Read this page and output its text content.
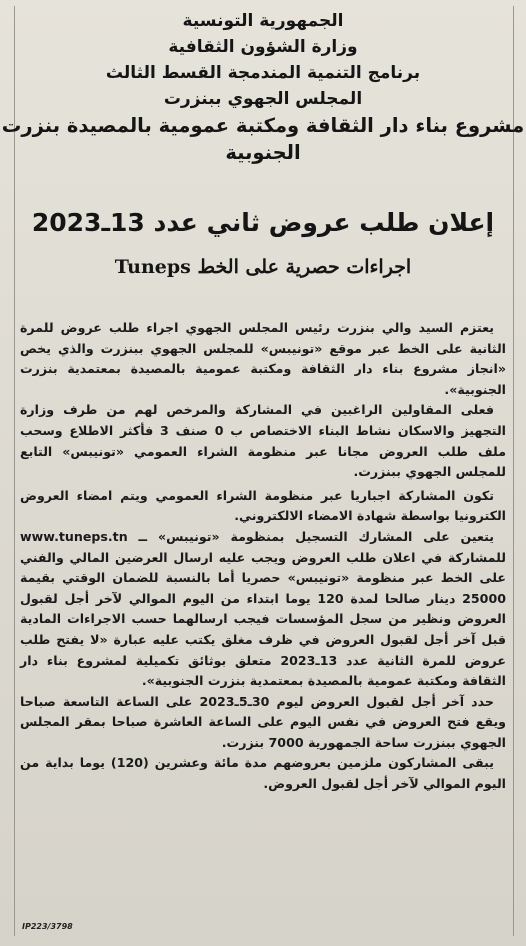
الجمهورية التونسية

وزارة الشؤون الثقافية

برنامج التنمية المندمجة القسط الثالث

المجلس الجهوي ببنزرت

مشروع بناء دار الثقافة ومكتبة عمومية بالمصيدة بنزرت

الجنوبية

إعلان طلب عروض ثاني عدد 13ـ2023
اجراءات حصرية على الخط Tuneps

يعتزم السيد والي بنزرت رئيس المجلس الجهوي اجراء طلب عروض للمرة الثانية على الخط عبر موقع «تونيبس» للمجلس الجهوي ببنزرت والذي يخص «انجاز مشروع بناء دار الثقافة ومكتبة عمومية بالمصيدة بمعتمدية بنزرت الجنوبية».

فعلى المقاولين الراغبين في المشاركة والمرخص لهم من طرف وزارة التجهيز والاسكان نشاط البناء الاختصاص ب 0 صنف 3 فأكثر الاطلاع وسحب ملف طلب العروض مجانا عبر منظومة الشراء العمومي «تونيبس» التابع للمجلس الجهوي ببنزرت.

تكون المشاركة اجباريا عبر منظومة الشراء العمومي ويتم امضاء العروض الكترونيا بواسطة شهادة الامضاء الالكتروني.

يتعين على المشارك التسجيل بمنظومة «تونيبس» ــ www.tuneps.tn للمشاركة في اعلان طلب العروض ويجب عليه ارسال العرضين المالي والفني على الخط عبر منظومة «تونيبس» حصريا أما بالنسبة للضمان الوقتي بقيمة 25000 دينار صالحا لمدة 120 يوما ابتداء من اليوم الموالي لآخر أجل لقبول العروض ونظير من سجل المؤسسات فيجب ارسالهما حسب الاجراءات المادية قبل آخر أجل لقبول العروض في ظرف مغلق يكتب عليه عبارة «لا يفتح طلب عروض للمرة الثانية عدد 13ـ2023 متعلق بوثائق تكميلية لمشروع بناء دار الثقافة ومكتبة عمومية بالمصيدة بمعتمدية بنزرت الجنوبية».

حدد آخر أجل لقبول العروض ليوم 30ـ5ـ2023 على الساعة التاسعة صباحا ويقع فتح العروض في نفس اليوم على الساعة العاشرة صباحا بمقر المجلس الجهوي ببنزرت ساحة الجمهورية 7000 بنزرت.

يبقى المشاركون ملزمين بعروضهم مدة مائة وعشرين (120) يوما بداية من اليوم الموالي لآخر أجل لقبول العروض.

IP223/3798
